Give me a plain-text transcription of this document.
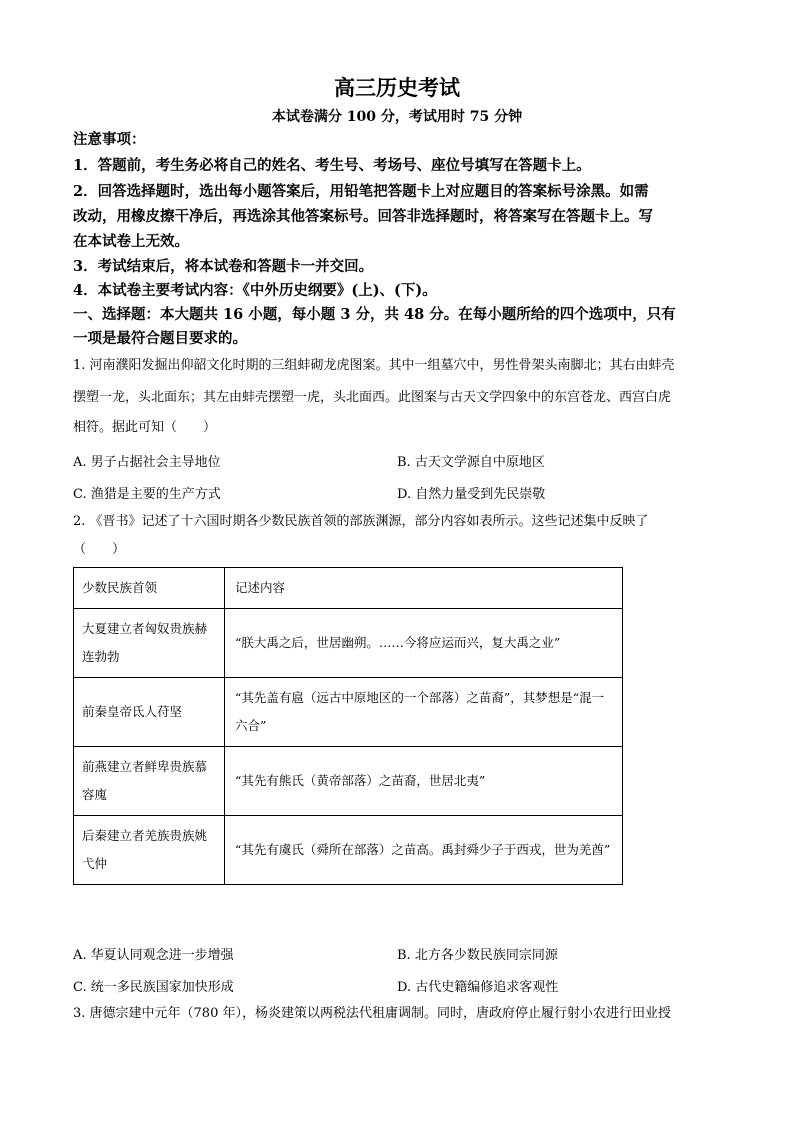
高三历史考试
本试卷满分 100 分，考试用时 75 分钟
注意事项：
1．答题前，考生务必将自己的姓名、考生号、考场号、座位号填写在答题卡上。
2．回答选择题时，选出每小题答案后，用铅笔把答题卡上对应题目的答案标号涂黑。如需
改动，用橡皮擦干净后，再选涂其他答案标号。回答非选择题时，将答案写在答题卡上。写
在本试卷上无效。
3．考试结束后，将本试卷和答题卡一并交回。
4．本试卷主要考试内容：《中外历史纲要》(上)、(下)。
一、选择题：本大题共 16 小题，每小题 3 分，共 48 分。在每小题所给的四个选项中，只有
一项是最符合题目要求的。
1. 河南濮阳发掘出仰韶文化时期的三组蚌砌龙虎图案。其中一组墓穴中，男性骨架头南脚北；其右由蚌壳
摆塑一龙，头北面东；其左由蚌壳摆塑一虎，头北面西。此图案与古天文学四象中的东宫苍龙、西宫白虎
相符。据此可知（　　）
A. 男子占据社会主导地位	B. 古天文学源自中原地区
C. 渔猎是主要的生产方式	D. 自然力量受到先民崇敬
2. 《晋书》记述了十六国时期各少数民族首领的部族渊源，部分内容如表所示。这些记述集中反映了
（　　）
少数民族首领	记述内容
大夏建立者匈奴贵族赫连勃勃	“朕大禹之后，世居幽朔。……今将应运而兴，复大禹之业”
前秦皇帝氐人苻坚	“其先盖有扈（远古中原地区的一个部落）之苗裔”，其梦想是“混一六合”
前燕建立者鲜卑贵族慕容廆	“其先有熊氏（黄帝部落）之苗裔，世居北夷”
后秦建立者羌族贵族姚弋仲	“其先有虞氏（舜所在部落）之苗高。禹封舜少子于西戎，世为羌酋”
A. 华夏认同观念进一步增强	B. 北方各少数民族同宗同源
C. 统一多民族国家加快形成	D. 古代史籍编修追求客观性
3. 唐德宗建中元年（780 年），杨炎建策以两税法代租庸调制。同时，唐政府停止履行射小农进行田业授
